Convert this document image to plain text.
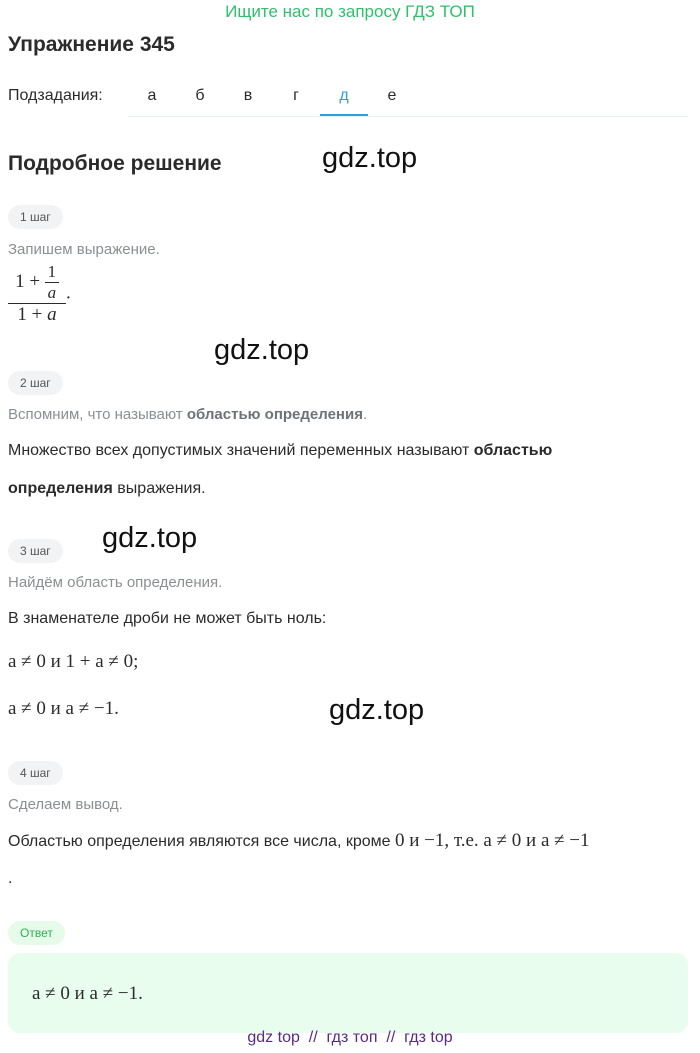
Ищите нас по запросу ГДЗ ТОП
Упражнение 345
Подзадания:	а	б	в	г	д	е
Подробное решение	gdz.top
1 шаг
Запишем выражение.
$\frac{1 + \frac{1}{a}}{1 + a}$ .
gdz.top
2 шаг
Вспомним, что называют областью определения.
Множество всех допустимых значений переменных называют областью
определения выражения.
3 шаг	gdz.top
Найдём область определения.
В знаменателе дроби не может быть ноль:
a ≠ 0 и 1 + a ≠ 0;
a ≠ 0 и a ≠ −1.	gdz.top
4 шаг
Сделаем вывод.
Областью определения являются все числа, кроме 0 и −1, т.е. a ≠ 0 и a ≠ −1
.
Ответ
a ≠ 0 и a ≠ −1.
gdz top  //  гдз топ  //  гдз top
